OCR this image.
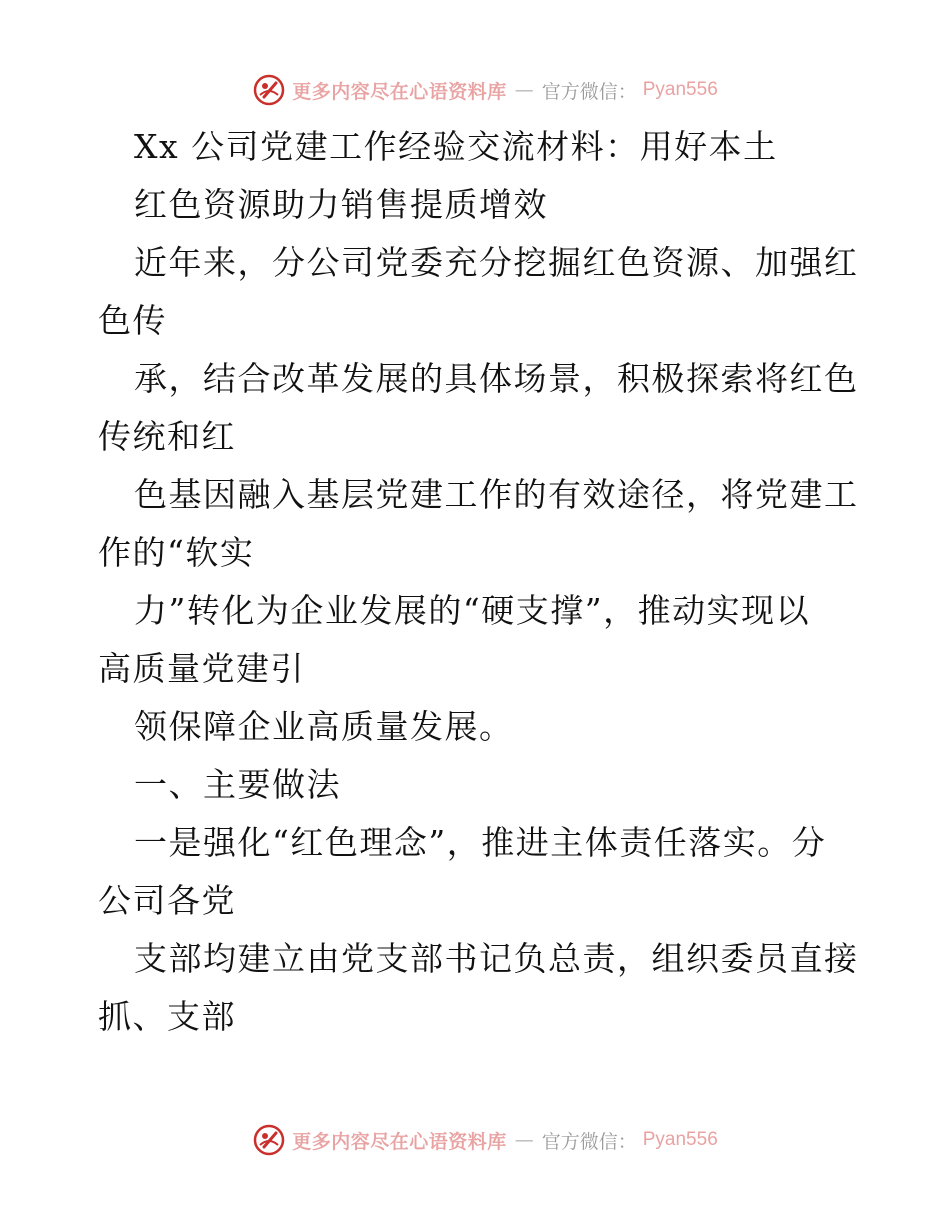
更多内容尽在心语资料库 — 官方微信： Pyan556
Xx 公司党建工作经验交流材料：用好本土
红色资源助力销售提质增效
近年来，分公司党委充分挖掘红色资源、加强红
色传
承，结合改革发展的具体场景，积极探索将红色
传统和红
色基因融入基层党建工作的有效途径，将党建工
作的“软实
力”转化为企业发展的“硬支撑”，推动实现以
高质量党建引
领保障企业高质量发展。
一、主要做法
一是强化“红色理念”，推进主体责任落实。分
公司各党
支部均建立由党支部书记负总责，组织委员直接
抓、支部
更多内容尽在心语资料库 — 官方微信： Pyan556
